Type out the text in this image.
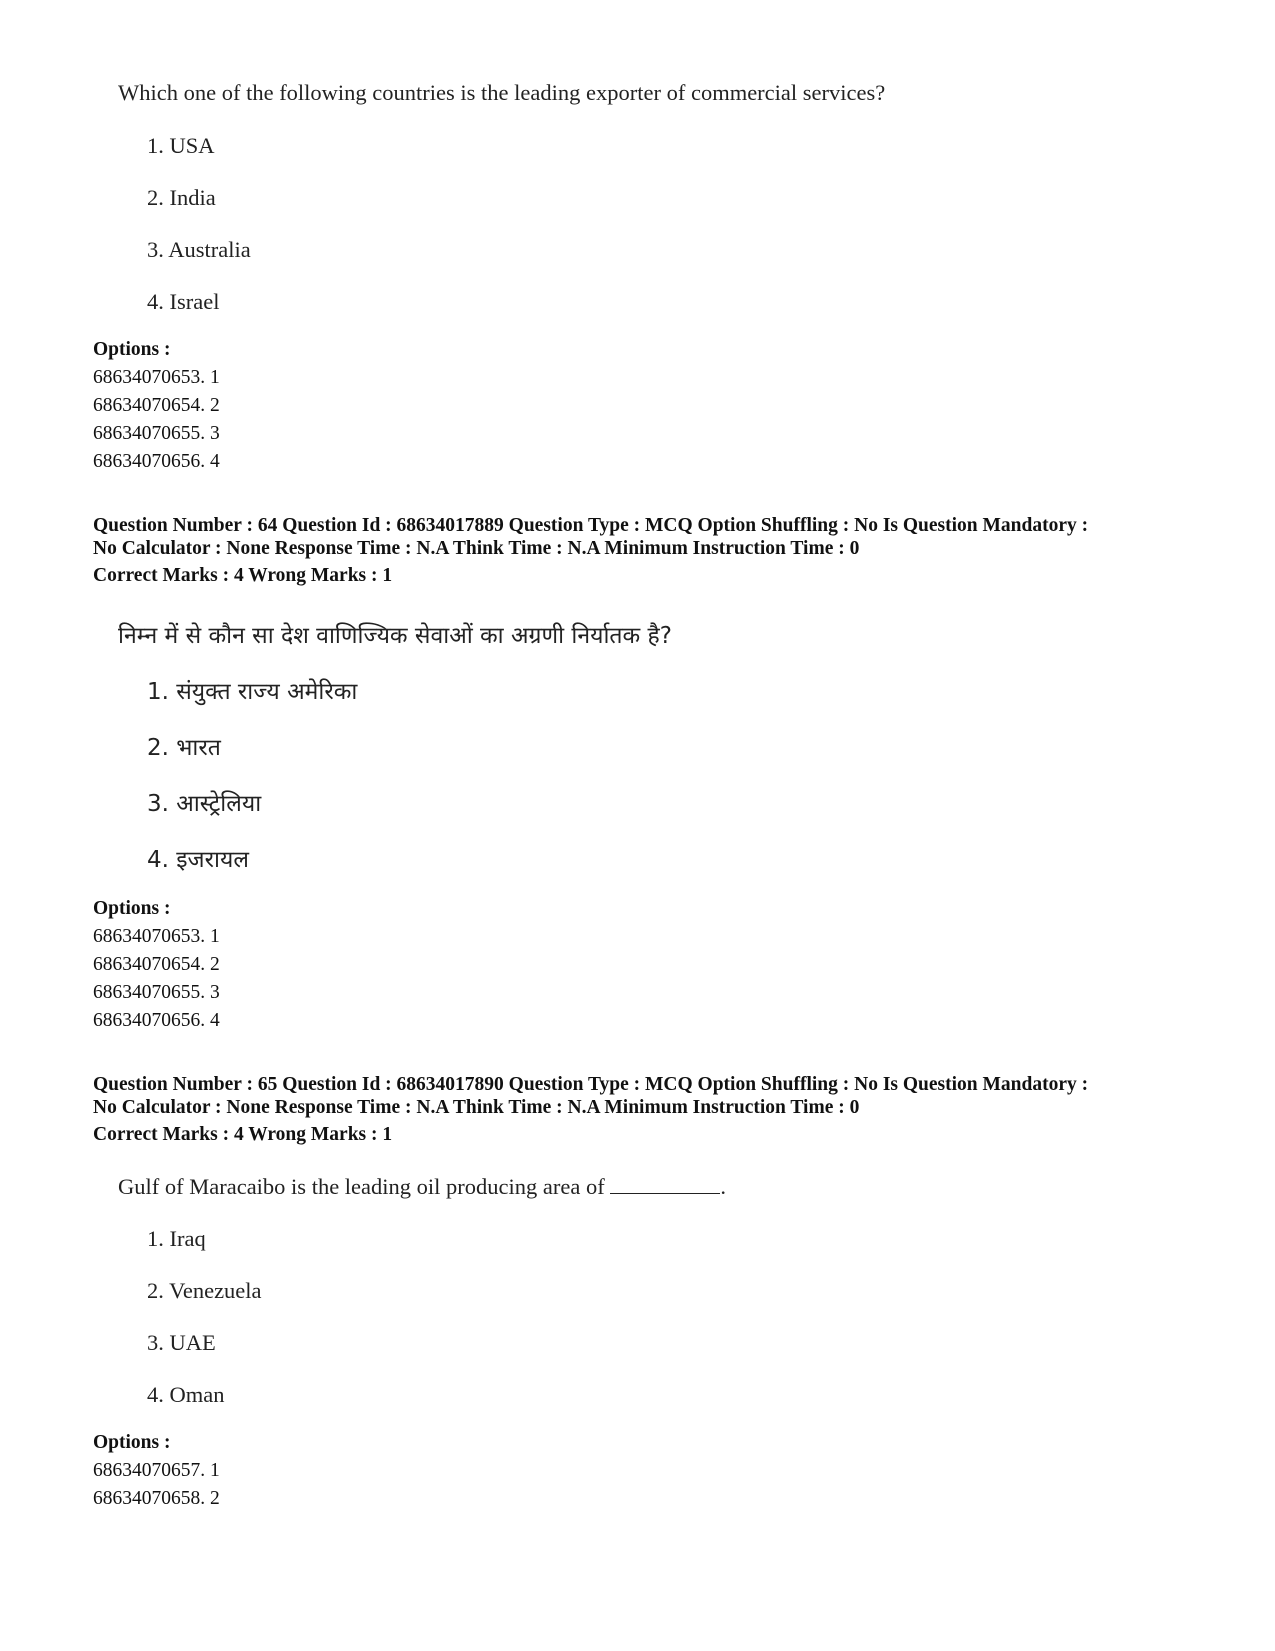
Which one of the following countries is the leading exporter of commercial services?
1. USA
2. India
3. Australia
4. Israel
Options :
68634070653. 1
68634070654. 2
68634070655. 3
68634070656. 4
Question Number : 64 Question Id : 68634017889 Question Type : MCQ Option Shuffling : No Is Question Mandatory :
No Calculator : None Response Time : N.A Think Time : N.A Minimum Instruction Time : 0
Correct Marks : 4 Wrong Marks : 1
निम्न में से कौन सा देश वाणिज्यिक सेवाओं का अग्रणी निर्यातक है?
1. संयुक्त राज्य अमेरिका
2. भारत
3. आस्ट्रेलिया
4. इजरायल
Options :
68634070653. 1
68634070654. 2
68634070655. 3
68634070656. 4
Question Number : 65 Question Id : 68634017890 Question Type : MCQ Option Shuffling : No Is Question Mandatory :
No Calculator : None Response Time : N.A Think Time : N.A Minimum Instruction Time : 0
Correct Marks : 4 Wrong Marks : 1
Gulf of Maracaibo is the leading oil producing area of	.
1. Iraq
2. Venezuela
3. UAE
4. Oman
Options :
68634070657. 1
68634070658. 2
